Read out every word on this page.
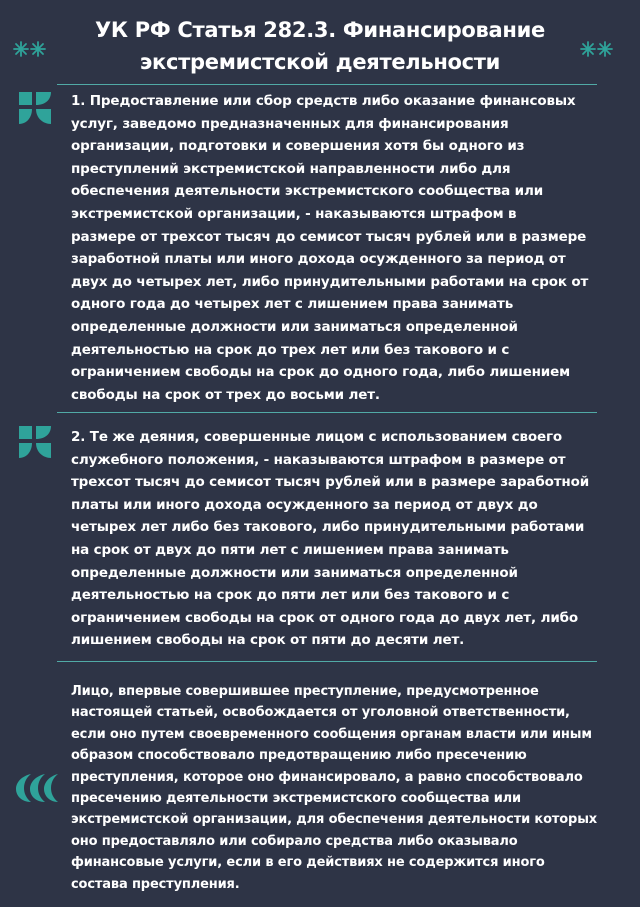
УК РФ Статья 282.3. Финансирование
экстремистской деятельности
1. Предоставление или сбор средств либо оказание финансовых
услуг, заведомо предназначенных для финансирования
организации, подготовки и совершения хотя бы одного из
преступлений экстремистской направленности либо для
обеспечения деятельности экстремистского сообщества или
экстремистской организации, - наказываются штрафом в
размере от трехсот тысяч до семисот тысяч рублей или в размере
заработной платы или иного дохода осужденного за период от
двух до четырех лет, либо принудительными работами на срок от
одного года до четырех лет с лишением права занимать
определенные должности или заниматься определенной
деятельностью на срок до трех лет или без такового и с
ограничением свободы на срок до одного года, либо лишением
свободы на срок от трех до восьми лет.
2. Те же деяния, совершенные лицом с использованием своего
служебного положения, - наказываются штрафом в размере от
трехсот тысяч до семисот тысяч рублей или в размере заработной
платы или иного дохода осужденного за период от двух до
четырех лет либо без такового, либо принудительными работами
на срок от двух до пяти лет с лишением права занимать
определенные должности или заниматься определенной
деятельностью на срок до пяти лет или без такового и с
ограничением свободы на срок от одного года до двух лет, либо
лишением свободы на срок от пяти до десяти лет.
Лицо, впервые совершившее преступление, предусмотренное
настоящей статьей, освобождается от уголовной ответственности,
если оно путем своевременного сообщения органам власти или иным
образом способствовало предотвращению либо пресечению
преступления, которое оно финансировало, а равно способствовало
пресечению деятельности экстремистского сообщества или
экстремистской организации, для обеспечения деятельности которых
оно предоставляло или собирало средства либо оказывало
финансовые услуги, если в его действиях не содержится иного
состава преступления.
